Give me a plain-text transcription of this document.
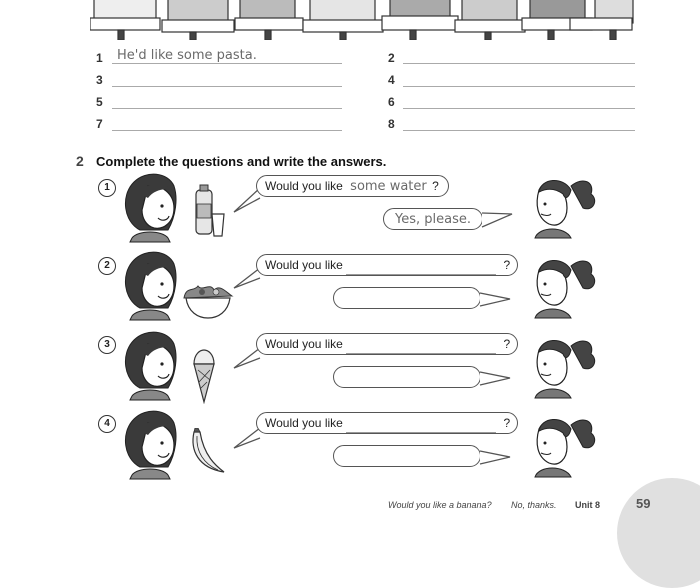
1 He'd like some pasta.	2
3	4
5	6
7	8
2 Complete the questions and write the answers.
1	Would you like some water ?
Yes, please.
2	Would you like	?
3	Would you like	?
4	Would you like	?
Would you like a banana? No, thanks. Unit 8	59
